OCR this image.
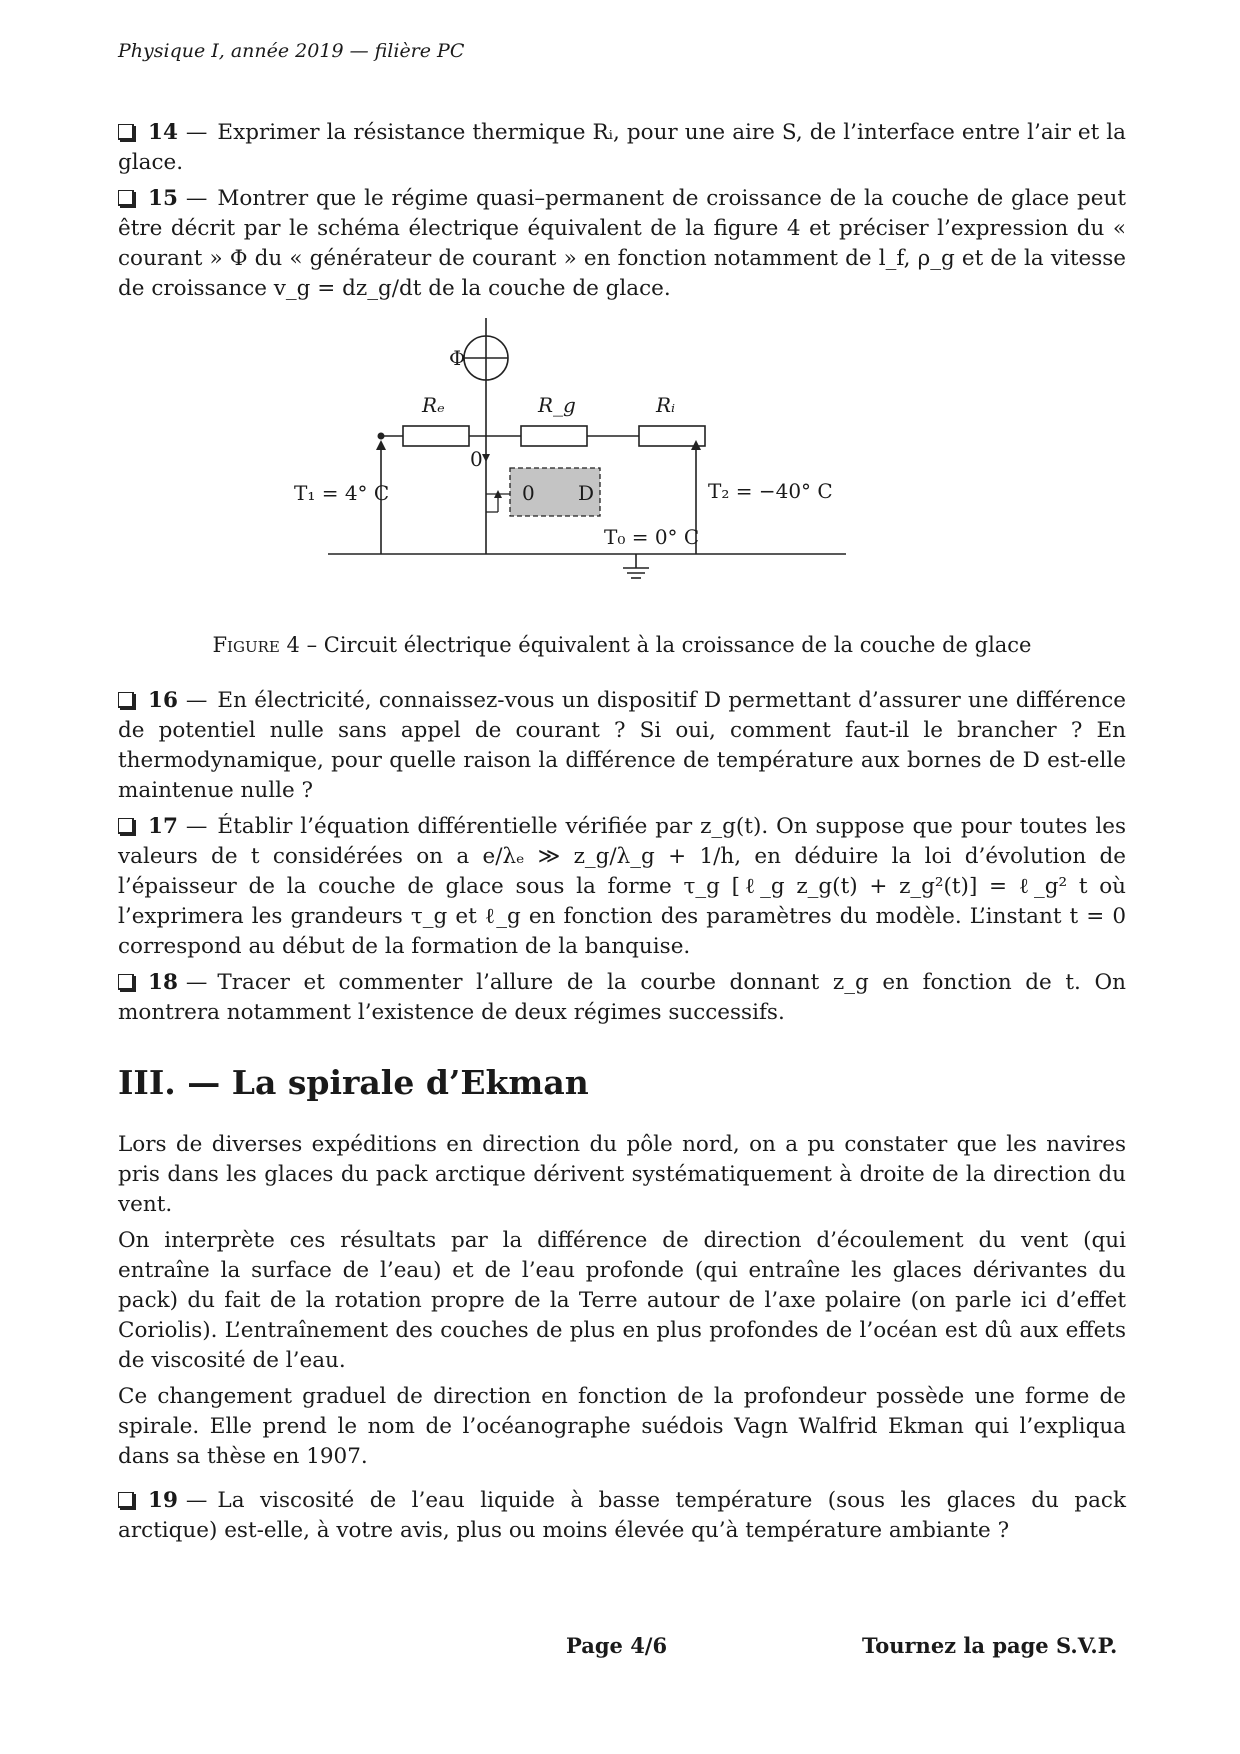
Physique I, année 2019 — filière PC

14 — Exprimer la résistance thermique Rᵢ, pour une aire S, de l’interface entre l’air et la glace.

15 — Montrer que le régime quasi–permanent de croissance de la couche de glace peut être décrit par le schéma électrique équivalent de la figure 4 et préciser l’expression du « courant » Φ du « générateur de courant » en fonction notamment de l_f, ρ_g et de la vitesse de croissance v_g = dz_g/dt de la couche de glace.

Φ
Rₑ	R_g	Rᵢ
0
0 D
T₁ = 4° C	T₂ = −40° C
T₀ = 0° C
Figure 4 – Circuit électrique équivalent à la croissance de la couche de glace

16 — En électricité, connaissez-vous un dispositif D permettant d’assurer une différence de potentiel nulle sans appel de courant ? Si oui, comment faut-il le brancher ? En thermodynamique, pour quelle raison la différence de température aux bornes de D est-elle maintenue nulle ?

17 — Établir l’équation différentielle vérifiée par z_g(t). On suppose que pour toutes les valeurs de t considérées on a e/λₑ ≫ z_g/λ_g + 1/h, en déduire la loi d’évolution de l’épaisseur de la couche de glace sous la forme τ_g [ℓ_g z_g(t) + z_g²(t)] = ℓ_g² t où l’exprimera les grandeurs τ_g et ℓ_g en fonction des paramètres du modèle. L’instant t = 0 correspond au début de la formation de la banquise.

18 — Tracer et commenter l’allure de la courbe donnant z_g en fonction de t. On montrera notamment l’existence de deux régimes successifs.

III. — La spirale d’Ekman

Lors de diverses expéditions en direction du pôle nord, on a pu constater que les navires pris dans les glaces du pack arctique dérivent systématiquement à droite de la direction du vent.

On interprète ces résultats par la différence de direction d’écoulement du vent (qui entraîne la surface de l’eau) et de l’eau profonde (qui entraîne les glaces dérivantes du pack) du fait de la rotation propre de la Terre autour de l’axe polaire (on parle ici d’effet Coriolis). L’entraînement des couches de plus en plus profondes de l’océan est dû aux effets de viscosité de l’eau.

Ce changement graduel de direction en fonction de la profondeur possède une forme de spirale. Elle prend le nom de l’océanographe suédois Vagn Walfrid Ekman qui l’expliqua dans sa thèse en 1907.

19 — La viscosité de l’eau liquide à basse température (sous les glaces du pack arctique) est-elle, à votre avis, plus ou moins élevée qu’à température ambiante ?

Page 4/6	Tournez la page S.V.P.
